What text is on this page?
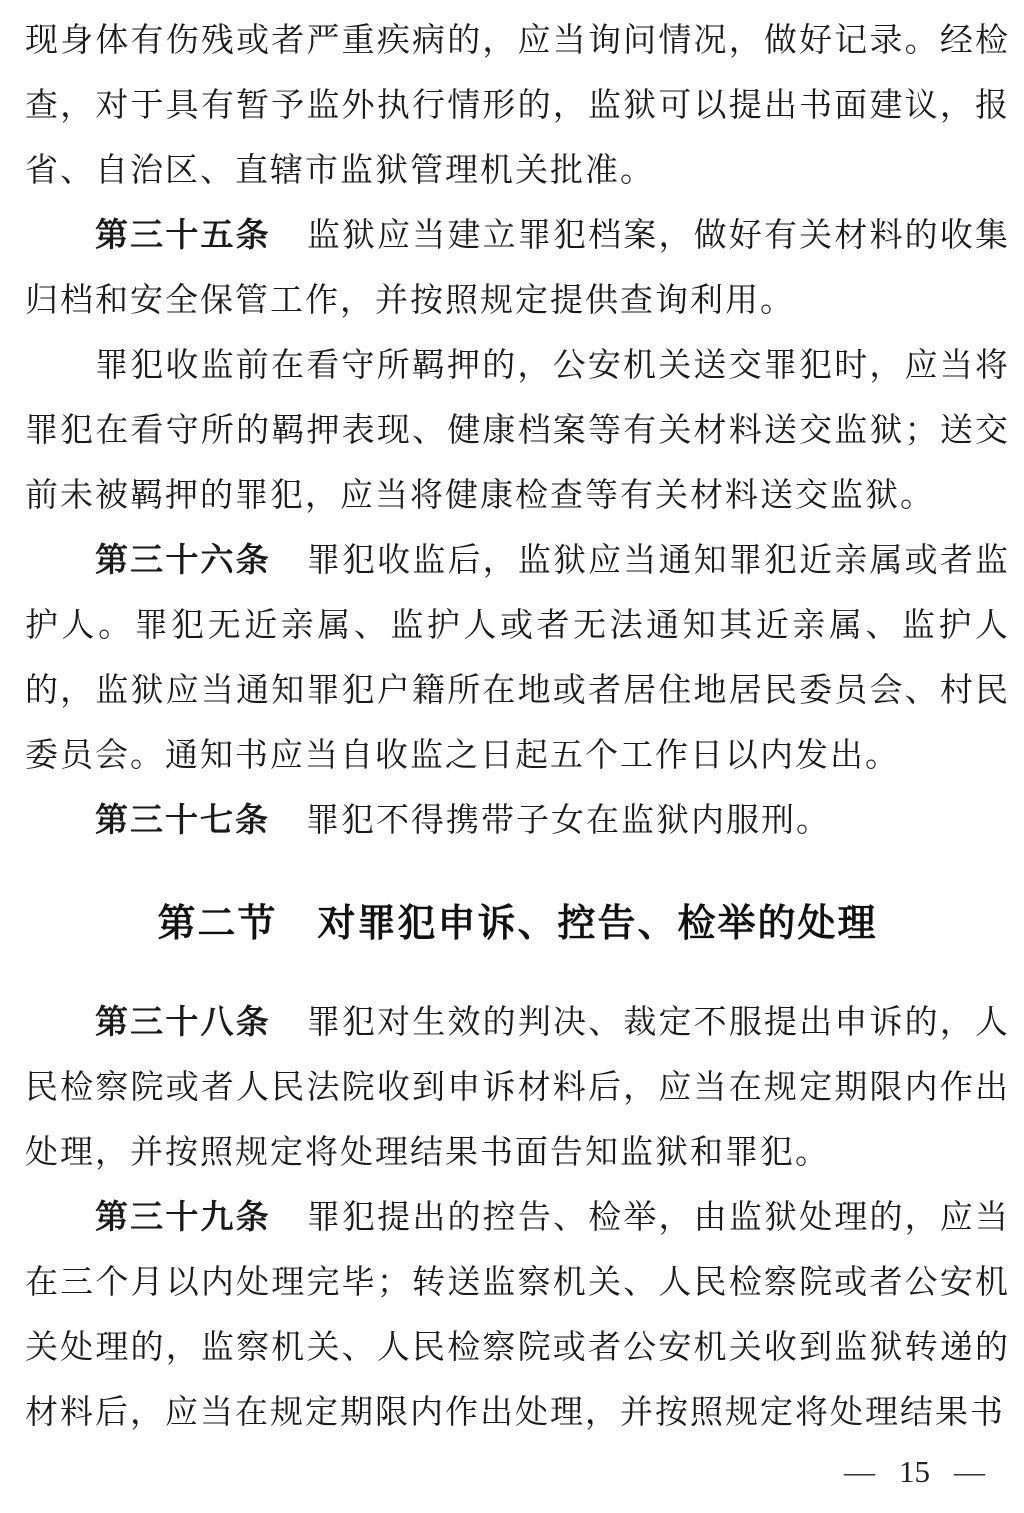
现身体有伤残或者严重疾病的，应当询问情况，做好记录。经检查，对于具有暂予监外执行情形的，监狱可以提出书面建议，报省、自治区、直辖市监狱管理机关批准。

第三十五条 监狱应当建立罪犯档案，做好有关材料的收集归档和安全保管工作，并按照规定提供查询利用。

罪犯收监前在看守所羁押的，公安机关送交罪犯时，应当将罪犯在看守所的羁押表现、健康档案等有关材料送交监狱；送交前未被羁押的罪犯，应当将健康检查等有关材料送交监狱。

第三十六条 罪犯收监后，监狱应当通知罪犯近亲属或者监护人。罪犯无近亲属、监护人或者无法通知其近亲属、监护人的，监狱应当通知罪犯户籍所在地或者居住地居民委员会、村民委员会。通知书应当自收监之日起五个工作日以内发出。

第三十七条 罪犯不得携带子女在监狱内服刑。

第二节 对罪犯申诉、控告、检举的处理

第三十八条 罪犯对生效的判决、裁定不服提出申诉的，人民检察院或者人民法院收到申诉材料后，应当在规定期限内作出处理，并按照规定将处理结果书面告知监狱和罪犯。

第三十九条 罪犯提出的控告、检举，由监狱处理的，应当在三个月以内处理完毕；转送监察机关、人民检察院或者公安机关处理的，监察机关、人民检察院或者公安机关收到监狱转递的材料后，应当在规定期限内作出处理，并按照规定将处理结果书

— 15 —
